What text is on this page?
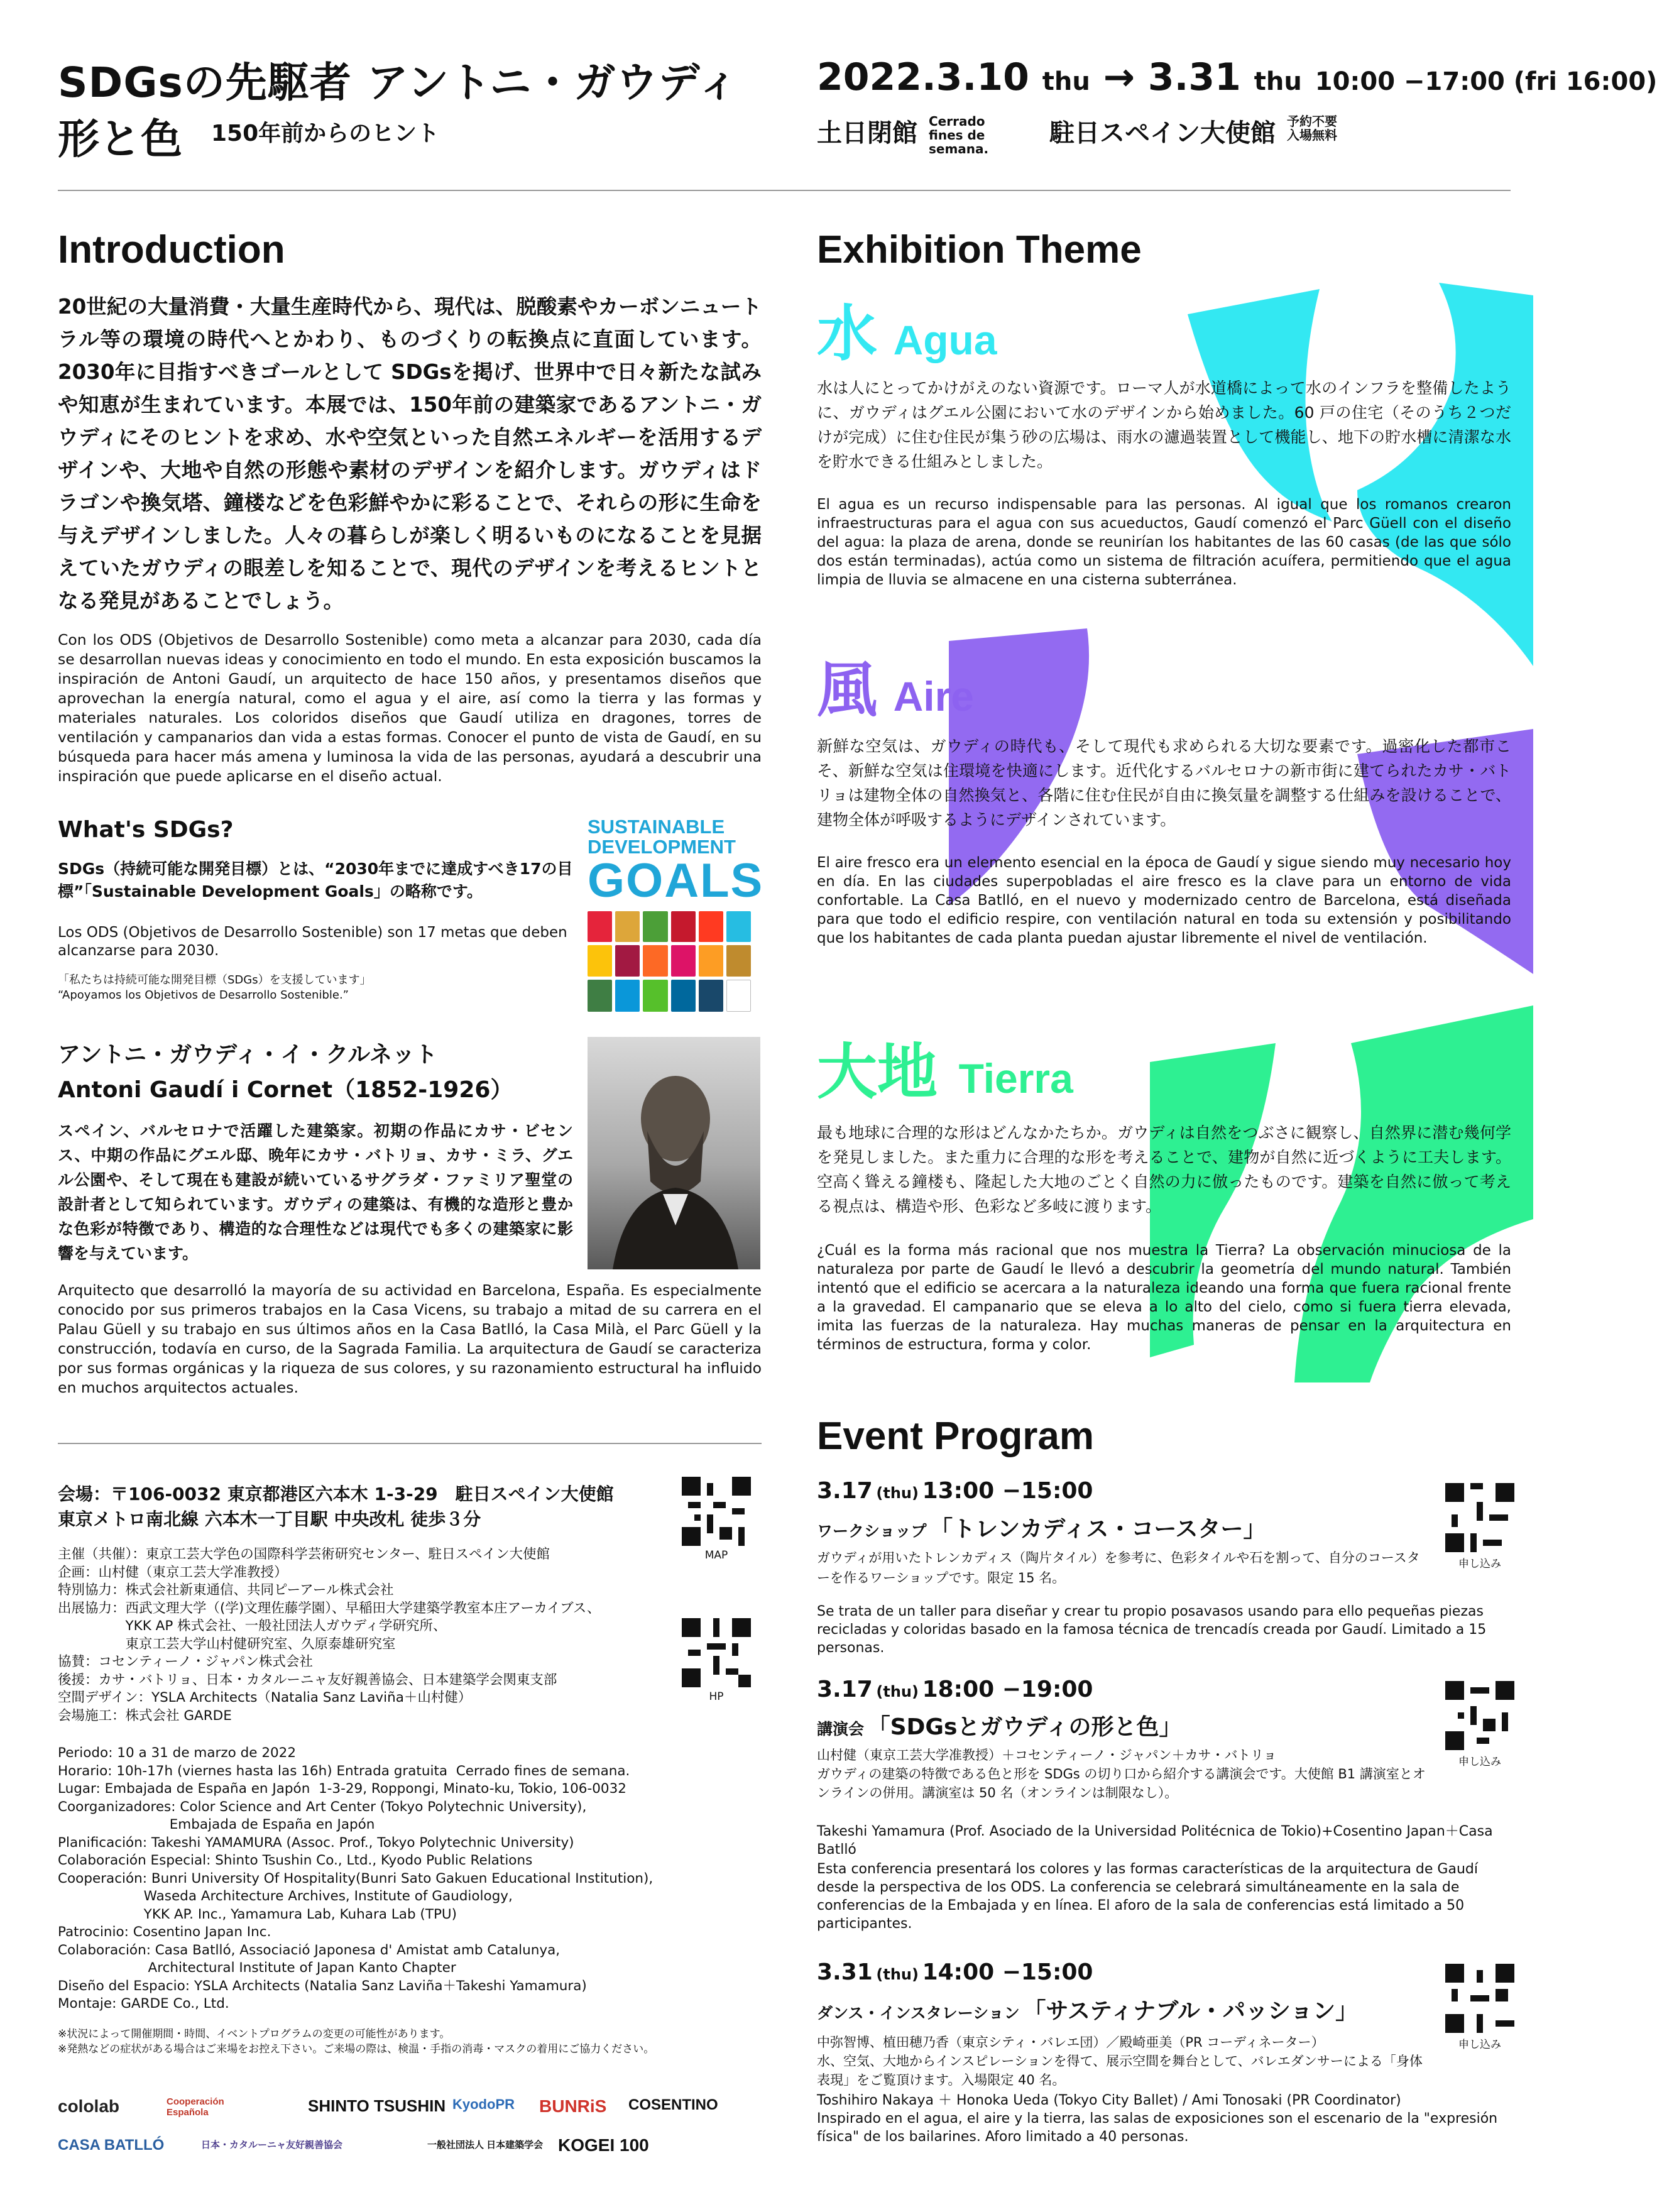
SDGsの先駆者 アントニ・ガウディ
形と色 150年前からのヒント
2022.3.10 thu → 3.31 thu 10:00 −17:00 (fri 16:00)
土日閉館 Cerrado fines de semana.
駐日スペイン大使館 予約不要 入場無料
Introduction
20世紀の大量消費・大量生産時代から、現代は、脱酸素やカーボンニュートラル等の環境の時代へとかわり、ものづくりの転換点に直面しています。2030年に目指すべきゴールとして SDGsを掲げ、世界中で日々新たな試みや知恵が生まれています。本展では、150年前の建築家であるアントニ・ガウディにそのヒントを求め、水や空気といった自然エネルギーを活用するデザインや、大地や自然の形態や素材のデザインを紹介します。ガウディはドラゴンや換気塔、鐘楼などを色彩鮮やかに彩ることで、それらの形に生命を与えデザインしました。人々の暮らしが楽しく明るいものになることを見据えていたガウディの眼差しを知ることで、現代のデザインを考えるヒントとなる発見があることでしょう。
Con los ODS (Objetivos de Desarrollo Sostenible) como meta a alcanzar para 2030, cada día se desarrollan nuevas ideas y conocimiento en todo el mundo. En esta exposición buscamos la inspiración de Antoni Gaudí, un arquitecto de hace 150 años, y presentamos diseños que aprovechan la energía natural, como el agua y el aire, así como la tierra y las formas y materiales naturales. Los coloridos diseños que Gaudí utiliza en dragones, torres de ventilación y campanarios dan vida a estas formas. Conocer el punto de vista de Gaudí, en su búsqueda para hacer más amena y luminosa la vida de las personas, ayudará a descubrir una inspiración que puede aplicarse en el diseño actual.
What's SDGs?
SDGs（持続可能な開発目標）とは、“2030年までに達成すべき17の目標”「Sustainable Development Goals」の略称です。
Los ODS (Objetivos de Desarrollo Sostenible) son 17 metas que deben alcanzarse para 2030.
「私たちは持続可能な開発目標（SDGs）を支援しています」
“Apoyamos los Objetivos de Desarrollo Sostenible.”
SUSTAINABLE
DEVELOPMENT
GOALS
アントニ・ガウディ・イ・クルネット
Antoni Gaudí i Cornet（1852-1926）
スペイン、バルセロナで活躍した建築家。初期の作品にカサ・ビセンス、中期の作品にグエル邸、晩年にカサ・バトリョ、カサ・ミラ、グエル公園や、そして現在も建設が続いているサグラダ・ファミリア聖堂の設計者として知られています。ガウディの建築は、有機的な造形と豊かな色彩が特徴であり、構造的な合理性などは現代でも多くの建築家に影響を与えています。
Arquitecto que desarrolló la mayoría de su actividad en Barcelona, España. Es especialmente conocido por sus primeros trabajos en la Casa Vicens, su trabajo a mitad de su carrera en el Palau Güell y su trabajo en sus últimos años en la Casa Batlló, la Casa Milà, el Parc Güell y la construcción, todavía en curso, de la Sagrada Familia. La arquitectura de Gaudí se caracteriza por sus formas orgánicas y la riqueza de sus colores, y su razonamiento estructural ha influido en muchos arquitectos actuales.
会場：〒106-0032 東京都港区六本木 1-3-29　駐日スペイン大使館
東京メトロ南北線 六本木一丁目駅 中央改札 徒歩３分
主催（共催）：東京工芸大学色の国際科学芸術研究センター、駐日スペイン大使館
企画：山村健（東京工芸大学准教授）
特別協力：株式会社新東通信、共同ピーアール株式会社
出展協力：西武文理大学（(学)文理佐藤学園）、早稲田大学建築学教室本庄アーカイブス、
　　　　　YKK AP 株式会社、一般社団法人ガウディ学研究所、
　　　　　東京工芸大学山村健研究室、久原泰雄研究室
協賛：コセンティーノ・ジャパン株式会社
後援：カサ・バトリョ、日本・カタルーニャ友好親善協会、日本建築学会関東支部
空間デザイン：YSLA Architects（Natalia Sanz Laviña＋山村健）
会場施工：株式会社 GARDE
Periodo: 10 a 31 de marzo de 2022
Horario: 10h-17h (viernes hasta las 16h) Entrada gratuita  Cerrado fines de semana.
Lugar: Embajada de España en Japón  1-3-29, Roppongi, Minato-ku, Tokio, 106-0032
Coorganizadores: Color Science and Art Center (Tokyo Polytechnic University),
Embajada de España en Japón
Planificación: Takeshi YAMAMURA (Assoc. Prof., Tokyo Polytechnic University)
Colaboración Especial: Shinto Tsushin Co., Ltd., Kyodo Public Relations
Cooperación: Bunri University Of Hospitality(Bunri Sato Gakuen Educational Institution),
Waseda Architecture Archives, Institute of Gaudiology,
YKK AP. Inc., Yamamura Lab, Kuhara Lab (TPU)
Patrocinio: Cosentino Japan Inc.
Colaboración: Casa Batlló, Associació Japonesa d' Amistat amb Catalunya,
Architectural Institute of Japan Kanto Chapter
Diseño del Espacio: YSLA Architects (Natalia Sanz Laviña＋Takeshi Yamamura)
Montaje: GARDE Co., Ltd.
※状況によって開催期間・時間、イベントプログラムの変更の可能性があります。
※発熱などの症状がある場合はご来場をお控え下さい。ご来場の際は、検温・手指の消毒・マスクの着用にご協力ください。
MAP
HP
cololab	Cooperación Española	SHINTO TSUSHIN KyodoPR BUNRiS COSENTINO
CASA BATLLÓ	日本・カタルーニャ友好親善協会	一般社団法人 日本建築学会 KOGEI 100
Exhibition Theme
水 Agua
水は人にとってかけがえのない資源です。ローマ人が水道橋によって水のインフラを整備したように、ガウディはグエル公園において水のデザインから始めました。60 戸の住宅（そのうち２つだけが完成）に住む住民が集う砂の広場は、雨水の濾過装置として機能し、地下の貯水槽に清潔な水を貯水できる仕組みとしました。
El agua es un recurso indispensable para las personas. Al igual que los romanos crearon infraestructuras para el agua con sus acueductos, Gaudí comenzó el Parc Güell con el diseño del agua: la plaza de arena, donde se reunirían los habitantes de las 60 casas (de las que sólo dos están terminadas), actúa como un sistema de filtración acuífera, permitiendo que el agua limpia de lluvia se almacene en una cisterna subterránea.
風 Aire
新鮮な空気は、ガウディの時代も、そして現代も求められる大切な要素です。過密化した都市こそ、新鮮な空気は住環境を快適にします。近代化するバルセロナの新市街に建てられたカサ・バトリョは建物全体の自然換気と、各階に住む住民が自由に換気量を調整する仕組みを設けることで、建物全体が呼吸するようにデザインされています。
El aire fresco era un elemento esencial en la época de Gaudí y sigue siendo muy necesario hoy en día. En las ciudades superpobladas el aire fresco es la clave para un entorno de vida confortable. La Casa Batlló, en el nuevo y modernizado centro de Barcelona, está diseñada para que todo el edificio respire, con ventilación natural en toda su extensión y posibilitando que los habitantes de cada planta puedan ajustar libremente el nivel de ventilación.
大地 Tierra
最も地球に合理的な形はどんなかたちか。ガウディは自然をつぶさに観察し、自然界に潜む幾何学を発見しました。また重力に合理的な形を考えることで、建物が自然に近づくように工夫します。空高く聳える鐘楼も、隆起した大地のごとく自然の力に倣ったものです。建築を自然に倣って考える視点は、構造や形、色彩など多岐に渡ります。
¿Cuál es la forma más racional que nos muestra la Tierra? La observación minuciosa de la naturaleza por parte de Gaudí le llevó a descubrir la geometría del mundo natural. También intentó que el edificio se acercara a la naturaleza ideando una forma que fuera racional frente a la gravedad. El campanario que se eleva a lo alto del cielo, como si fuera tierra elevada, imita las fuerzas de la naturaleza. Hay muchas maneras de pensar en la arquitectura en términos de estructura, forma y color.
Event Program
3.17 (thu) 13:00 −15:00
ワークショップ 「トレンカディス・コースター」
ガウディが用いたトレンカディス（陶片タイル）を参考に、色彩タイルや石を割って、自分のコースターを作るワーショップです。限定 15 名。
Se trata de un taller para diseñar y crear tu propio posavasos usando para ello pequeñas piezas recicladas y coloridas basado en la famosa técnica de trencadís creada por Gaudí. Limitado a 15 personas.
3.17 (thu) 18:00 −19:00
講演会 「SDGsとガウディの形と色」
山村健（東京工芸大学准教授）＋コセンティーノ・ジャパン＋カサ・バトリョ
ガウディの建築の特徴である色と形を SDGs の切り口から紹介する講演会です。大使館 B1 講演室とオンラインの併用。講演室は 50 名（オンラインは制限なし）。
Takeshi Yamamura (Prof. Asociado de la Universidad Politécnica de Tokio)+Cosentino Japan＋Casa Batlló
Esta conferencia presentará los colores y las formas características de la arquitectura de Gaudí desde la perspectiva de los ODS. La conferencia se celebrará simultáneamente en la sala de conferencias de la Embajada y en línea. El aforo de la sala de conferencias está limitado a 50 participantes.
3.31 (thu) 14:00 −15:00
ダンス・インスタレーション 「サスティナブル・パッション」
中弥智博、植田穂乃香（東京シティ・バレエ団）／殿崎亜美（PR コーディネーター）
水、空気、大地からインスピレーションを得て、展示空間を舞台として、バレエダンサーによる「身体表現」をご覧頂けます。入場限定 40 名。
Toshihiro Nakaya ＋ Honoka Ueda (Tokyo City Ballet) / Ami Tonosaki (PR Coordinator)
Inspirado en el agua, el aire y la tierra, las salas de exposiciones son el escenario de la "expresión física" de los bailarines. Aforo limitado a 40 personas.
申し込み
申し込み
申し込み
